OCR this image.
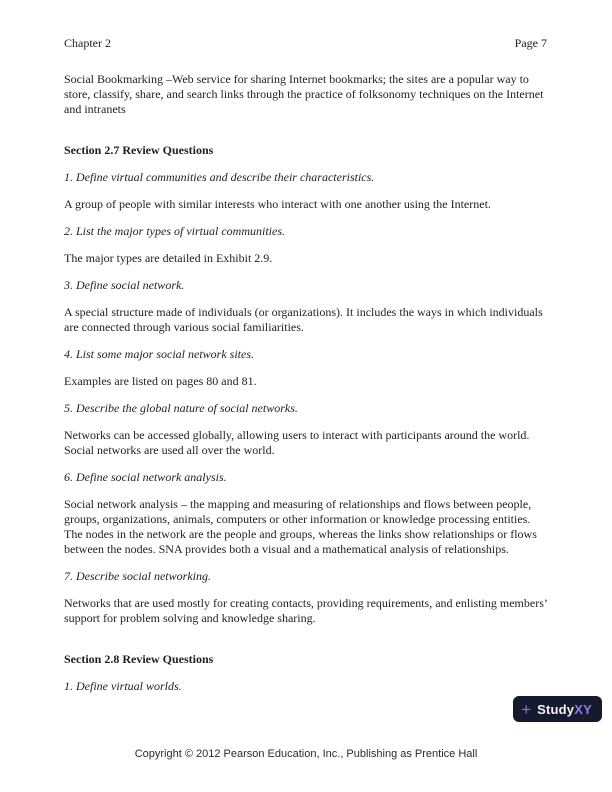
Chapter 2	Page 7

Social Bookmarking –Web service for sharing Internet bookmarks; the sites are a popular way to store, classify, share, and search links through the practice of folksonomy techniques on the Internet and intranets

Section 2.7 Review Questions

1. Define virtual communities and describe their characteristics.

A group of people with similar interests who interact with one another using the Internet.

2. List the major types of virtual communities.

The major types are detailed in Exhibit 2.9.

3. Define social network.

A special structure made of individuals (or organizations). It includes the ways in which individuals are connected through various social familiarities.

4. List some major social network sites.

Examples are listed on pages 80 and 81.

5. Describe the global nature of social networks.

Networks can be accessed globally, allowing users to interact with participants around the world. Social networks are used all over the world.

6. Define social network analysis.

Social network analysis – the mapping and measuring of relationships and flows between people, groups, organizations, animals, computers or other information or knowledge processing entities. The nodes in the network are the people and groups, whereas the links show relationships or flows between the nodes. SNA provides both a visual and a mathematical analysis of relationships.

7. Describe social networking.

Networks that are used mostly for creating contacts, providing requirements, and enlisting members’ support for problem solving and knowledge sharing.

Section 2.8 Review Questions

1. Define virtual worlds.

+ StudyXY
Copyright © 2012 Pearson Education, Inc., Publishing as Prentice Hall
